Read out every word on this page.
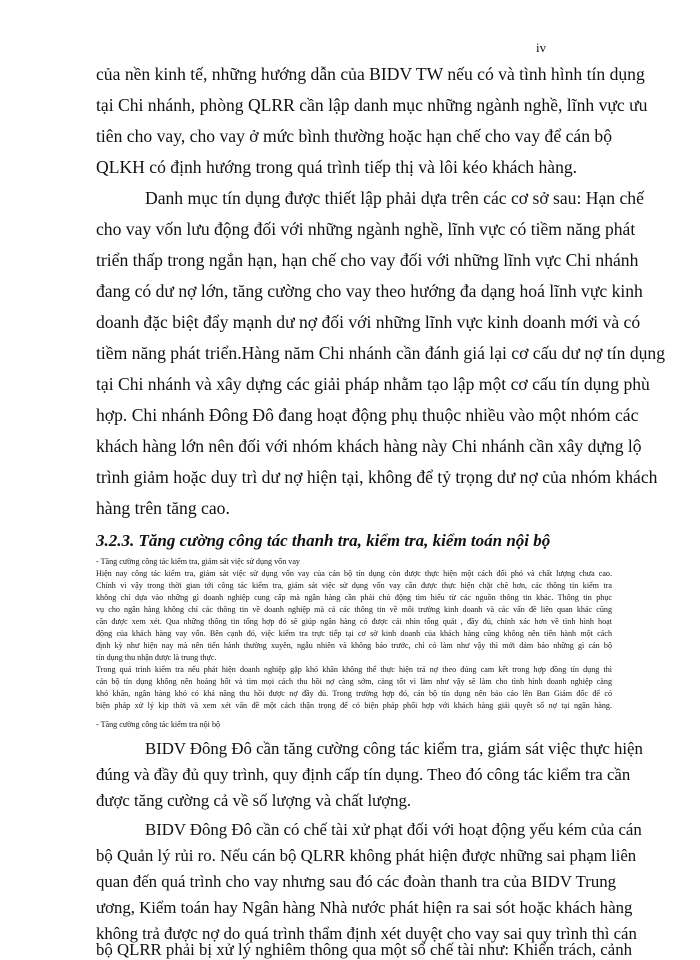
iv
của nền kinh tế, những hướng dẫn của BIDV TW nếu có và tình hình tín dụng
tại Chi nhánh, phòng QLRR cần lập danh mục những ngành nghề, lĩnh vực ưu
tiên cho vay, cho vay ở mức bình thường hoặc hạn chế cho vay để cán bộ
QLKH có định hướng trong quá trình tiếp thị và lôi kéo khách hàng.
Danh mục tín dụng được thiết lập phải dựa trên các cơ sở sau: Hạn chế
cho vay vốn lưu động đối với những ngành nghề, lĩnh vực có tiềm năng phát
triển thấp trong ngắn hạn, hạn chế cho vay đối với những lĩnh vực Chi nhánh
đang có dư nợ lớn, tăng cường cho vay theo hướng đa dạng hoá lĩnh vực kinh
doanh đặc biệt đẩy mạnh dư nợ đối với những lĩnh vực kinh doanh mới và có
tiềm năng phát triển.Hàng năm Chi nhánh cần đánh giá lại cơ cấu dư nợ tín dụng
tại Chi nhánh và xây dựng các giải pháp nhằm tạo lập một cơ cấu tín dụng phù
hợp. Chi nhánh Đông Đô đang hoạt động phụ thuộc nhiều vào một nhóm các
khách hàng lớn nên đối với nhóm khách hàng này Chi nhánh cần xây dựng lộ
trình giảm hoặc duy trì dư nợ hiện tại, không để tỷ trọng dư nợ của nhóm khách
hàng trên tăng cao.
3.2.3. Tăng cường công tác thanh tra, kiểm tra, kiểm toán nội bộ
- Tăng cường công tác kiểm tra, giám sát việc sử dụng vốn vay
Hiện nay công tác kiểm tra, giám sát việc sử dụng vốn vay của cán bộ tín dụng còn được thực hiện một cách đối phó và chất lượng chưa cao.
Chính vì vậy trong thời gian tới công tác kiểm tra, giám sát việc sử dụng vốn vay cần được thực hiện chặt chẽ hơn, các thông tin kiểm tra
không chỉ dựa vào những gì doanh nghiệp cung cấp mà ngân hàng cần phải chủ động tìm hiểu từ các nguồn thông tin khác. Thông tin phục
vụ cho ngân hàng không chỉ các thông tin về doanh nghiệp mà cả các thông tin về môi trường kinh doanh và các vấn đề liên quan khác cũng
cần được xem xét. Qua những thông tin tổng hợp đó sẽ giúp ngân hàng có được cái nhìn tổng quát , đầy đủ, chính xác hơn về tình hình hoạt
động của khách hàng vay vốn. Bên cạnh đó, việc kiểm tra trực tiếp tại cơ sở kinh doanh của khách hàng cũng không nên tiến hành một cách
định kỳ như hiện nay mà nên tiến hành thường xuyên, ngẫu nhiên và không báo trước, chỉ có làm như vậy thì mới đảm bảo những gì cán bộ
tín dụng thu nhận được là trung thực.
Trong quá trình kiểm tra nếu phát hiện doanh nghiệp gặp khó khăn không thể thực hiện trả nợ theo đúng cam kết trong hợp đồng tín dụng thì
cán bộ tín dụng không nên hoảng hốt và tìm mọi cách thu hồi nợ càng sớm, càng tốt vì làm như vậy sẽ làm cho tình hình doanh nghiệp càng
khó khăn, ngân hàng khó có khả năng thu hồi được nợ đầy đủ. Trong trường hợp đó, cán bộ tín dụng nên báo cáo lên Ban Giám đốc để có
biện pháp xử lý kịp thời và xem xét vấn đề một cách thận trọng để có biện pháp phối hợp với khách hàng giải quyết số nợ tại ngân hàng.
- Tăng cường công tác kiểm tra nội bộ
BIDV Đông Đô cần tăng cường công tác kiểm tra, giám sát việc thực hiện
đúng và đầy đủ quy trình, quy định cấp tín dụng. Theo đó công tác kiểm tra cần
được tăng cường cả về số lượng và chất lượng.
BIDV Đông Đô cần có chế tài xử phạt đối với hoạt động yếu kém của cán
bộ Quản lý rủi ro. Nếu cán bộ QLRR không phát hiện được những sai phạm liên
quan đến quá trình cho vay nhưng sau đó các đoàn thanh tra của BIDV Trung
ương, Kiểm toán hay Ngân hàng Nhà nước phát hiện ra sai sót hoặc khách hàng
không trả được nợ do quá trình thẩm định xét duyệt cho vay sai quy trình thì cán
bộ QLRR phải bị xử lý nghiêm thông qua một số chế tài như: Khiển trách, cảnh
